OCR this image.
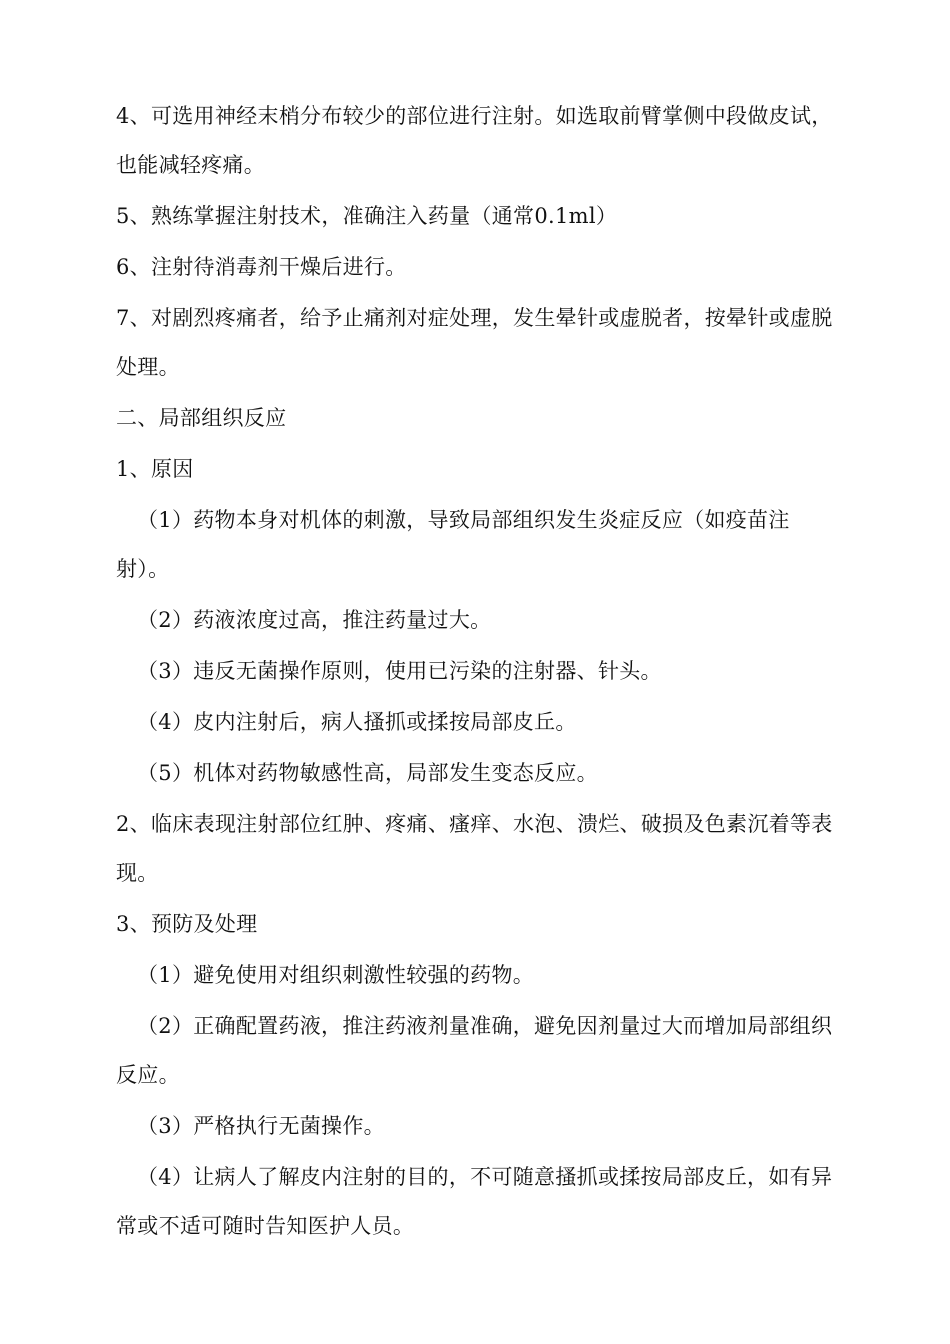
4、可选用神经末梢分布较少的部位进行注射。如选取前臂掌侧中段做皮试，也能减轻疼痛。

5、熟练掌握注射技术，准确注入药量（通常0.1ml）

6、注射待消毒剂干燥后进行。

7、对剧烈疼痛者，给予止痛剂对症处理，发生晕针或虚脱者，按晕针或虚脱处理。

二、局部组织反应

1、原因

（1）药物本身对机体的刺激，导致局部组织发生炎症反应（如疫苗注射）。

（2）药液浓度过高，推注药量过大。

（3）违反无菌操作原则，使用已污染的注射器、针头。

（4）皮内注射后，病人搔抓或揉按局部皮丘。

（5）机体对药物敏感性高，局部发生变态反应。

2、临床表现注射部位红肿、疼痛、瘙痒、水泡、溃烂、破损及色素沉着等表现。

3、预防及处理

（1）避免使用对组织刺激性较强的药物。

（2）正确配置药液，推注药液剂量准确，避免因剂量过大而增加局部组织反应。

（3）严格执行无菌操作。

（4）让病人了解皮内注射的目的，不可随意搔抓或揉按局部皮丘，如有异常或不适可随时告知医护人员。
